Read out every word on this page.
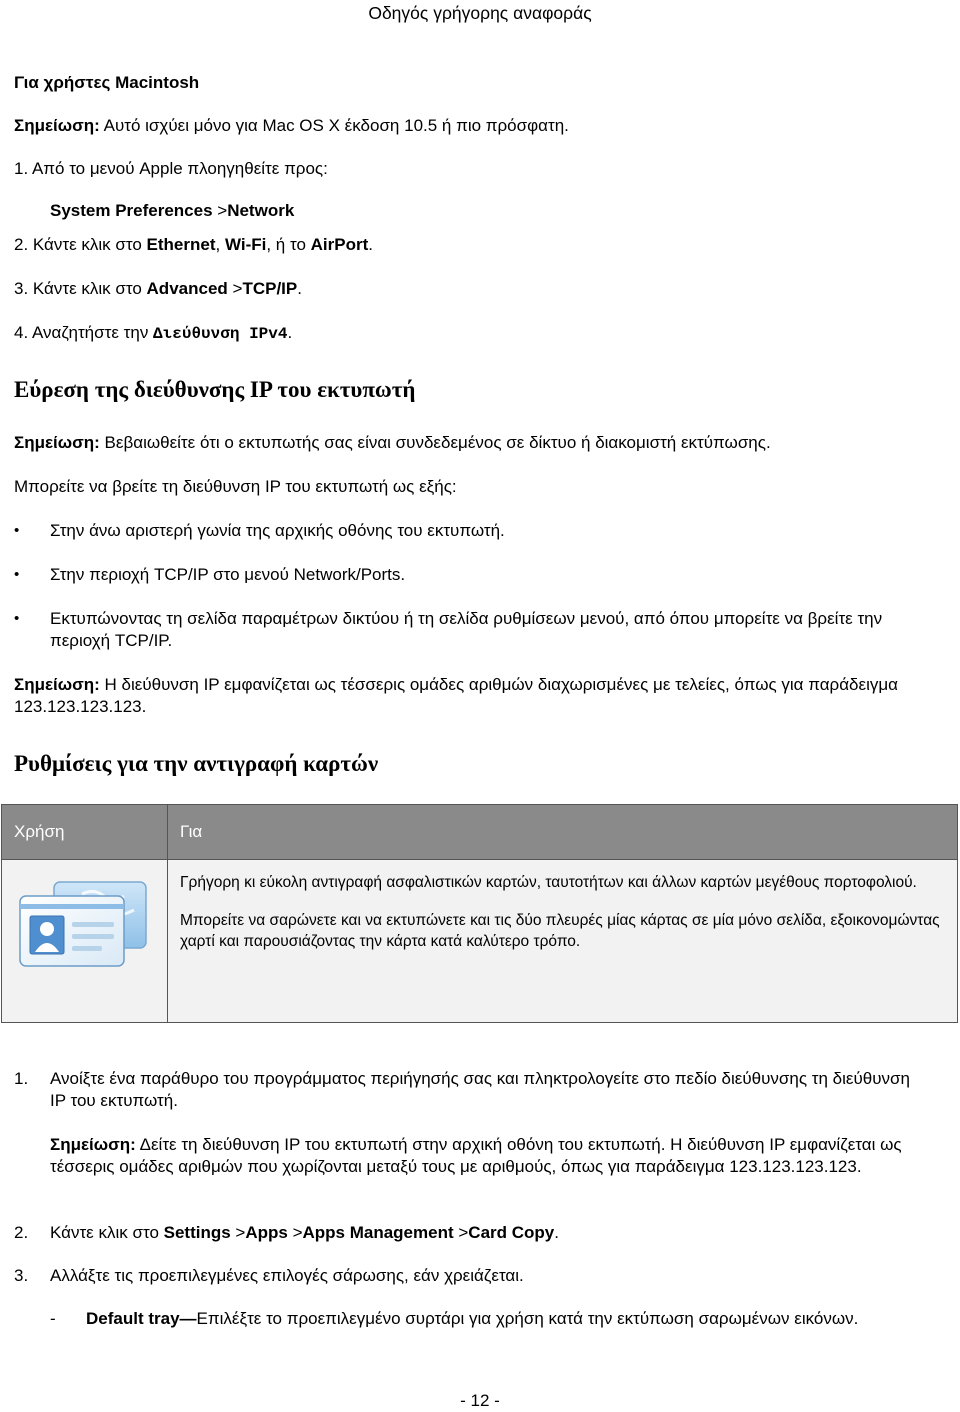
Οδηγός γρήγορης αναφοράς
Για χρήστες Macintosh
Σημείωση: Αυτό ισχύει μόνο για Mac OS X έκδοση 10.5 ή πιο πρόσφατη.
1. Από το μενού Apple πλοηγηθείτε προς:
System Preferences >Network
2. Κάντε κλικ στο Ethernet, Wi‑Fi, ή το AirPort.
3. Κάντε κλικ στο Advanced >TCP/IP.
4. Αναζητήστε την Διεύθυνση IPv4.
Εύρεση της διεύθυνσης IP του εκτυπωτή
Σημείωση: Βεβαιωθείτε ότι ο εκτυπωτής σας είναι συνδεδεμένος σε δίκτυο ή διακομιστή εκτύπωσης.
Μπορείτε να βρείτε τη διεύθυνση IP του εκτυπωτή ως εξής:
• Στην άνω αριστερή γωνία της αρχικής οθόνης του εκτυπωτή.
• Στην περιοχή TCP/IP στο μενού Network/Ports.
• Εκτυπώνοντας τη σελίδα παραμέτρων δικτύου ή τη σελίδα ρυθμίσεων μενού, από όπου μπορείτε να βρείτε την περιοχή TCP/IP.
Σημείωση: Η διεύθυνση IP εμφανίζεται ως τέσσερις ομάδες αριθμών διαχωρισμένες με τελείες, όπως για παράδειγμα 123.123.123.123.
Ρυθμίσεις για την αντιγραφή καρτών
Χρήση	Για

Γρήγορη κι εύκολη αντιγραφή ασφαλιστικών καρτών, ταυτοτήτων και άλλων καρτών μεγέθους πορτοφολιού.

Μπορείτε να σαρώνετε και να εκτυπώνετε και τις δύο πλευρές μίας κάρτας σε μία μόνο σελίδα, εξοικονομώντας χαρτί και παρουσιάζοντας την κάρτα κατά καλύτερο τρόπο.

1. Ανοίξτε ένα παράθυρο του προγράμματος περιήγησής σας και πληκτρολογείτε στο πεδίο διεύθυνσης τη διεύθυνση IP του εκτυπωτή.
Σημείωση: Δείτε τη διεύθυνση IP του εκτυπωτή στην αρχική οθόνη του εκτυπωτή. Η διεύθυνση IP εμφανίζεται ως τέσσερις ομάδες αριθμών που χωρίζονται μεταξύ τους με αριθμούς, όπως για παράδειγμα 123.123.123.123.
2. Κάντε κλικ στο Settings >Apps >Apps Management >Card Copy.
3. Αλλάξτε τις προεπιλεγμένες επιλογές σάρωσης, εάν χρειάζεται.
- Default tray—Επιλέξτε το προεπιλεγμένο συρτάρι για χρήση κατά την εκτύπωση σαρωμένων εικόνων.
- 12 -
